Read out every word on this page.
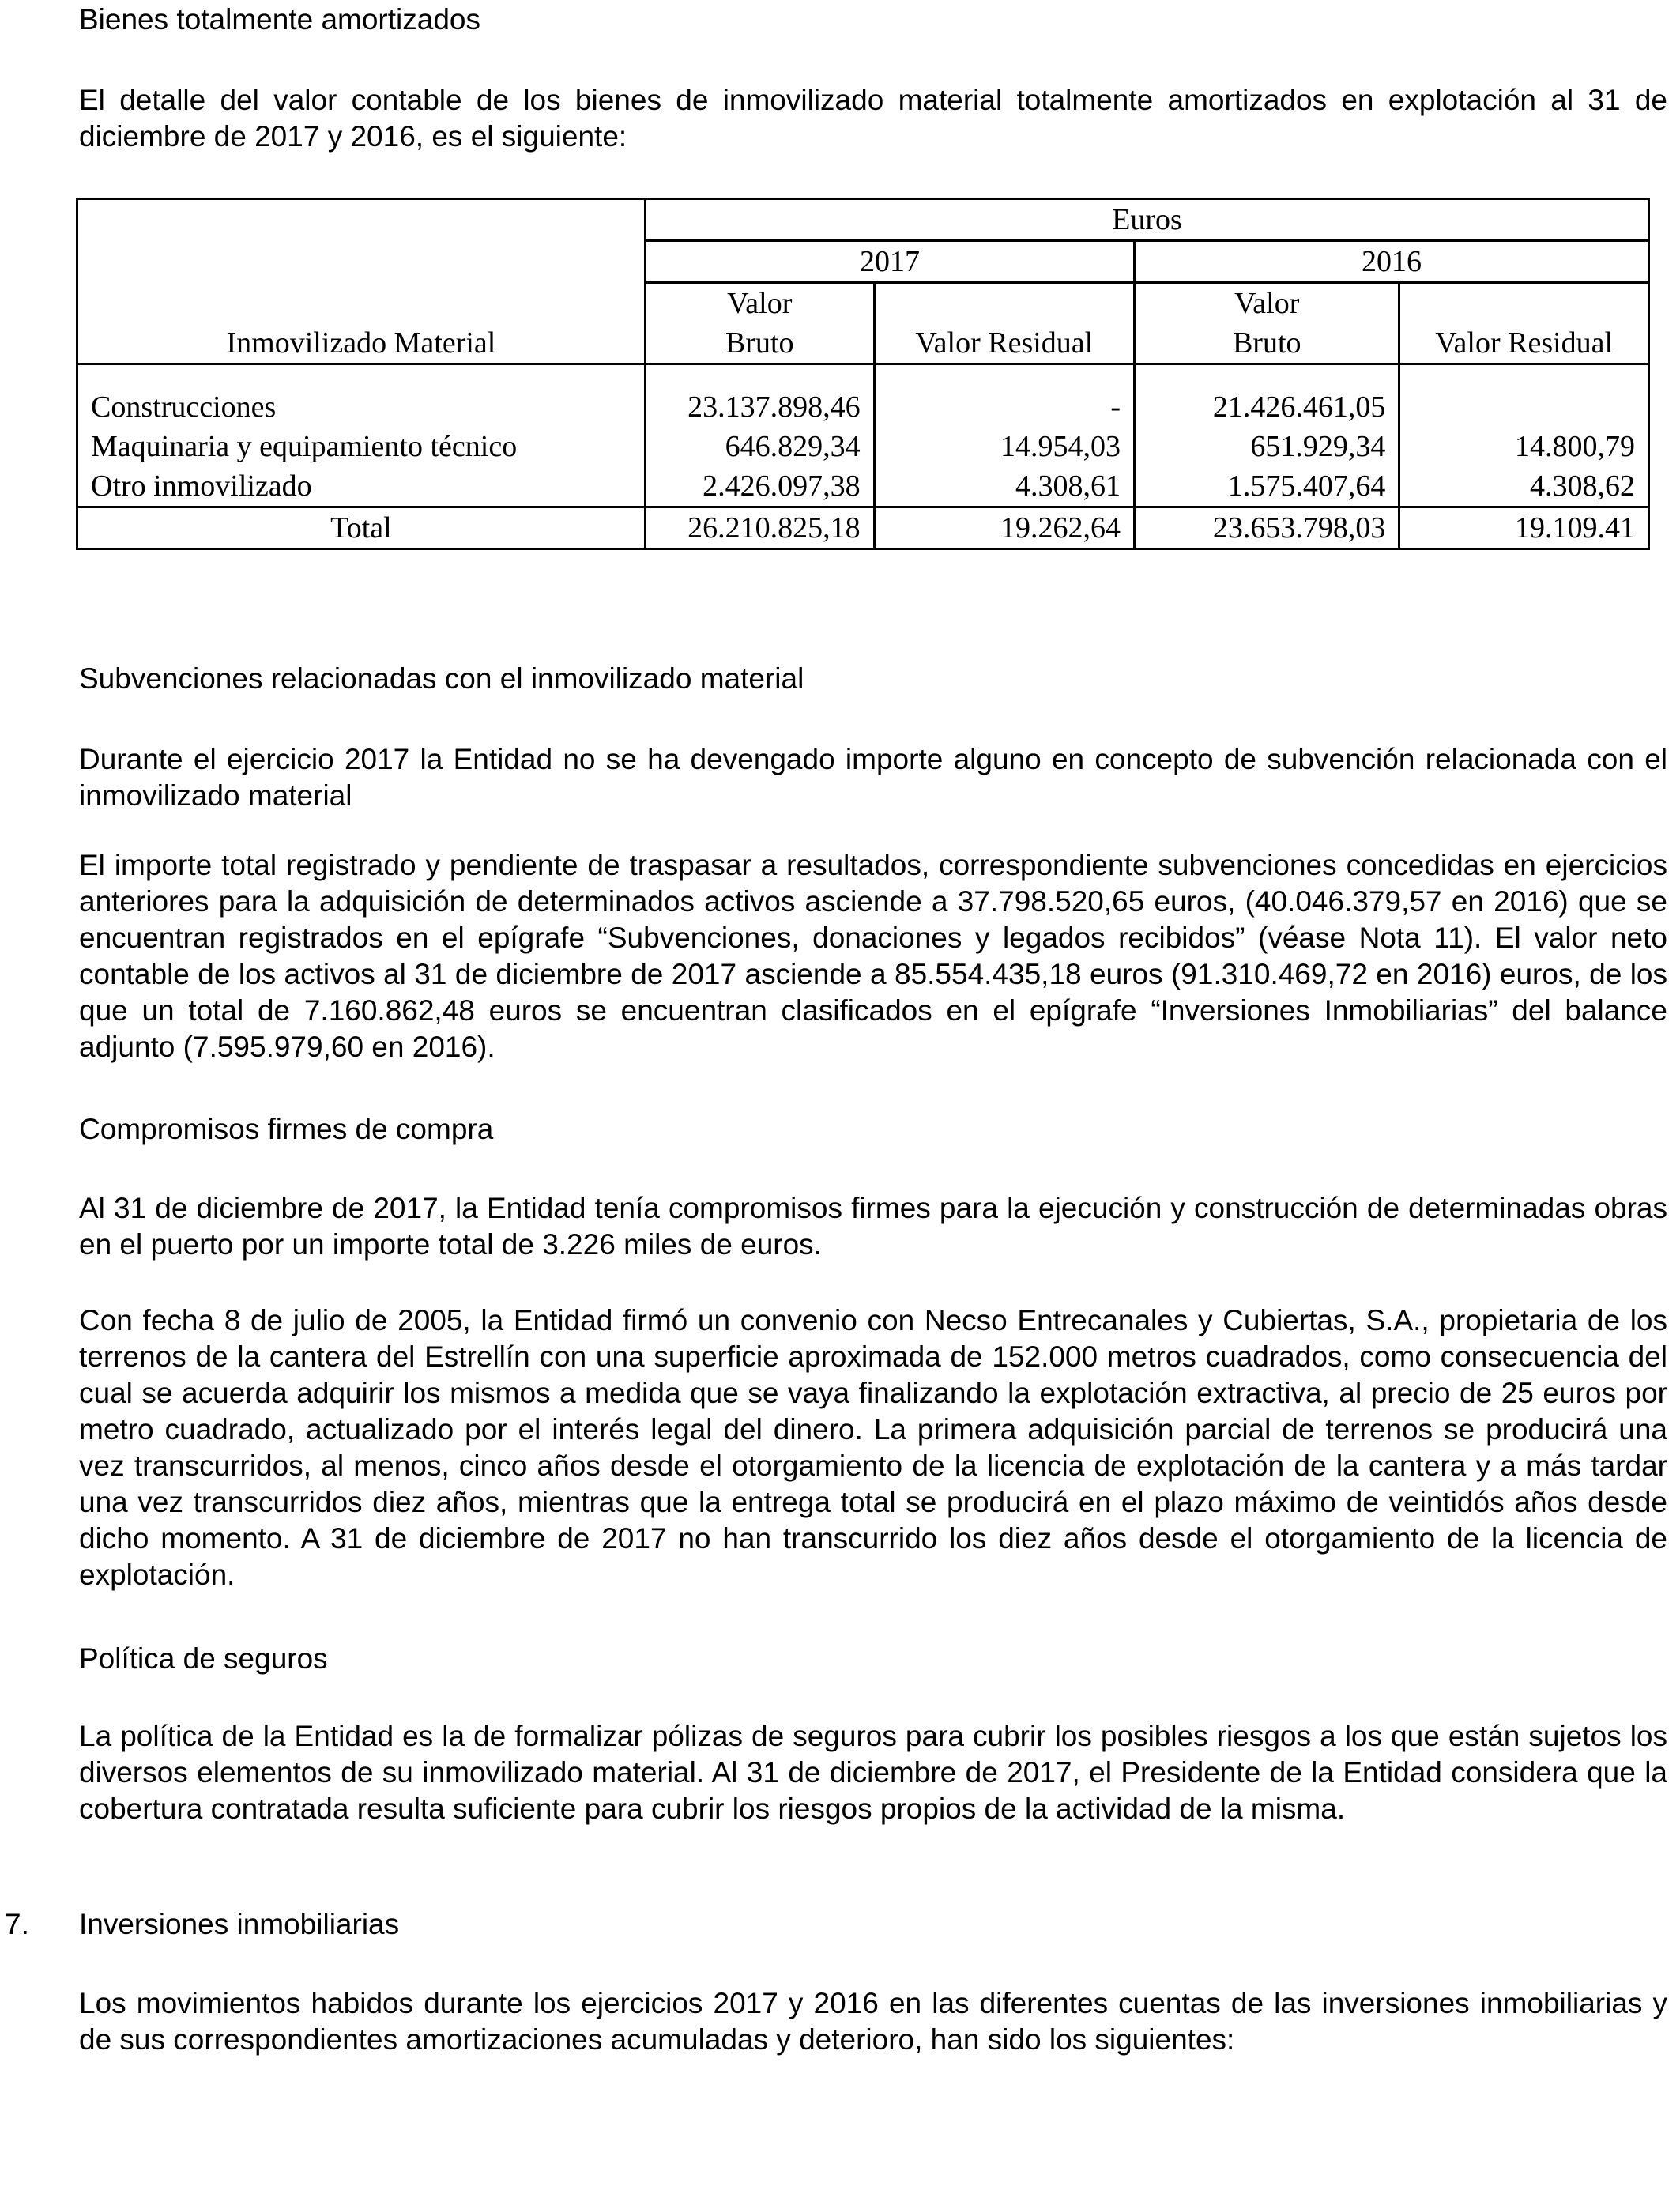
Bienes totalmente amortizados
El detalle del valor contable de los bienes de inmovilizado material totalmente amortizados en explotación al 31 de diciembre de 2017 y 2016, es el siguiente:
Inmovilizado Material	Euros			
	2017		2016	
	Valor		Valor	
	Bruto	Valor Residual	Bruto	Valor Residual

Construcciones	23.137.898,46	-	21.426.461,05	
Maquinaria y equipamiento técnico	646.829,34	14.954,03	651.929,34	14.800,79
Otro inmovilizado	2.426.097,38	4.308,61	1.575.407,64	4.308,62
Total	26.210.825,18	19.262,64	23.653.798,03	19.109.41
Subvenciones relacionadas con el inmovilizado material
Durante el ejercicio 2017 la Entidad no se ha devengado importe alguno en concepto de subvención relacionada con el inmovilizado material
El importe total registrado y pendiente de traspasar a resultados, correspondiente subvenciones concedidas en ejercicios anteriores para la adquisición de determinados activos asciende a 37.798.520,65 euros, (40.046.379,57 en 2016) que se encuentran registrados en el epígrafe “Subvenciones, donaciones y legados recibidos” (véase Nota 11). El valor neto contable de los activos al 31 de diciembre de 2017 asciende a 85.554.435,18 euros (91.310.469,72 en 2016) euros, de los que un total de 7.160.862,48 euros se encuentran clasificados en el epígrafe “Inversiones Inmobiliarias” del balance adjunto (7.595.979,60 en 2016).
Compromisos firmes de compra
Al 31 de diciembre de 2017, la Entidad tenía compromisos firmes para la ejecución y construcción de determinadas obras en el puerto por un importe total de 3.226 miles de euros.
Con fecha 8 de julio de 2005, la Entidad firmó un convenio con Necso Entrecanales y Cubiertas, S.A., propietaria de los terrenos de la cantera del Estrellín con una superficie aproximada de 152.000 metros cuadrados, como consecuencia del cual se acuerda adquirir los mismos a medida que se vaya finalizando la explotación extractiva, al precio de 25 euros por metro cuadrado, actualizado por el interés legal del dinero. La primera adquisición parcial de terrenos se producirá una vez transcurridos, al menos, cinco años desde el otorgamiento de la licencia de explotación de la cantera y a más tardar una vez transcurridos diez años, mientras que la entrega total se producirá en el plazo máximo de veintidós años desde dicho momento. A 31 de diciembre de 2017 no han transcurrido los diez años desde el otorgamiento de la licencia de explotación.
Política de seguros
La política de la Entidad es la de formalizar pólizas de seguros para cubrir los posibles riesgos a los que están sujetos los diversos elementos de su inmovilizado material. Al 31 de diciembre de 2017, el Presidente de la Entidad considera que la cobertura contratada resulta suficiente para cubrir los riesgos propios de la actividad de la misma.
7. Inversiones inmobiliarias
Los movimientos habidos durante los ejercicios 2017 y 2016 en las diferentes cuentas de las inversiones inmobiliarias y de sus correspondientes amortizaciones acumuladas y deterioro, han sido los siguientes:
